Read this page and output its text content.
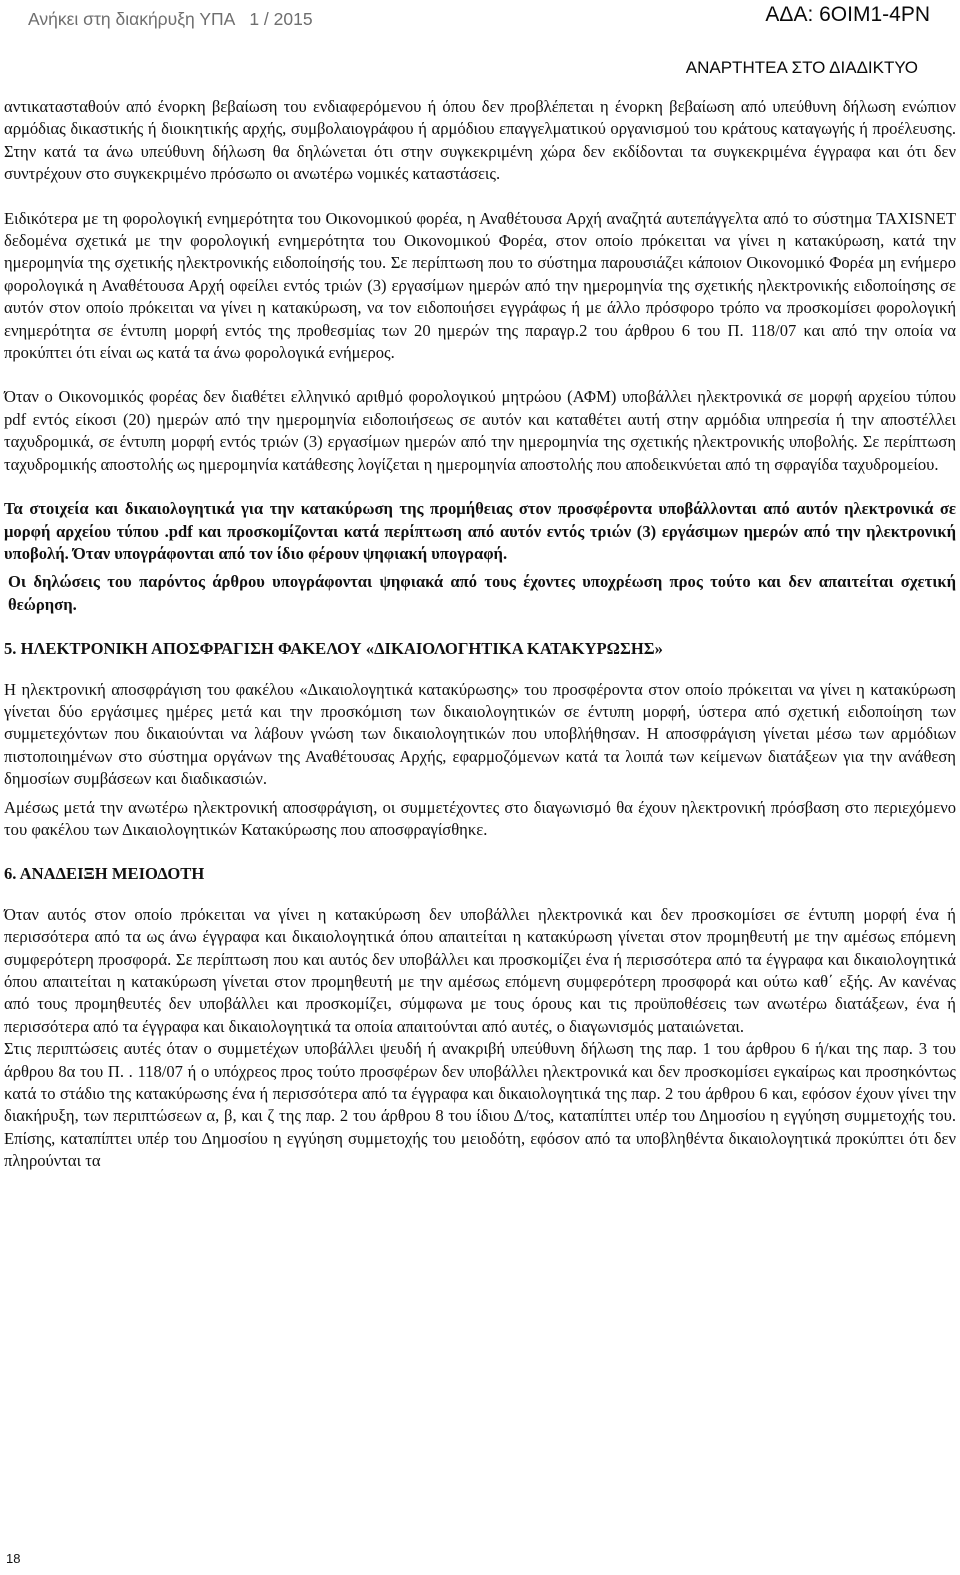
Ανήκει στη διακήρυξη ΥΠΑ 1 / 2015	ΑΔΑ: 6ΟΙΜ1-4ΡΝ
ΑΝΑΡΤΗΤΕΑ ΣΤΟ ΔΙΑΔΙΚΤΥΟ

αντικατασταθούν από ένορκη βεβαίωση του ενδιαφερόμενου ή όπου δεν προβλέπεται η ένορκη βεβαίωση από υπεύθυνη δήλωση ενώπιον αρμόδιας δικαστικής ή διοικητικής αρχής, συμβολαιογράφου ή αρμόδιου επαγγελματικού οργανισμού του κράτους καταγωγής ή προέλευσης. Στην κατά τα άνω υπεύθυνη δήλωση θα δηλώνεται ότι στην συγκεκριμένη χώρα δεν εκδίδονται τα συγκεκριμένα έγγραφα και ότι δεν συντρέχουν στο συγκεκριμένο πρόσωπο οι ανωτέρω νομικές καταστάσεις.

Ειδικότερα με τη φορολογική ενημερότητα του Οικονομικού φορέα, η Αναθέτουσα Αρχή αναζητά αυτεπάγγελτα από το σύστημα TAXISNET δεδομένα σχετικά με την φορολογική ενημερότητα του Οικονομικού Φορέα, στον οποίο πρόκειται να γίνει η κατακύρωση, κατά την ημερομηνία της σχετικής ηλεκτρονικής ειδοποίησής του. Σε περίπτωση που το σύστημα παρουσιάζει κάποιον Οικονομικό Φορέα μη ενήμερο φορολογικά η Αναθέτουσα Αρχή οφείλει εντός τριών (3) εργασίμων ημερών από την ημερομηνία της σχετικής ηλεκτρονικής ειδοποίησης σε αυτόν στον οποίο πρόκειται να γίνει η κατακύρωση, να τον ειδοποιήσει εγγράφως ή με άλλο πρόσφορο τρόπο να προσκομίσει φορολογική ενημερότητα σε έντυπη μορφή εντός της προθεσμίας των 20 ημερών της παραγρ.2 του άρθρου 6 του Π. 118/07 και από την οποία να προκύπτει ότι είναι ως κατά τα άνω φορολογικά ενήμερος.

Όταν ο Οικονομικός φορέας δεν διαθέτει ελληνικό αριθμό φορολογικού μητρώου (ΑΦΜ) υποβάλλει ηλεκτρονικά σε μορφή αρχείου τύπου pdf εντός είκοσι (20) ημερών από την ημερομηνία ειδοποιήσεως σε αυτόν και καταθέτει αυτή στην αρμόδια υπηρεσία ή την αποστέλλει ταχυδρομικά, σε έντυπη μορφή εντός τριών (3) εργασίμων ημερών από την ημερομηνία της σχετικής ηλεκτρονικής υποβολής. Σε περίπτωση ταχυδρομικής αποστολής ως ημερομηνία κατάθεσης λογίζεται η ημερομηνία αποστολής που αποδεικνύεται από τη σφραγίδα ταχυδρομείου.

Τα στοιχεία και δικαιολογητικά για την κατακύρωση της προμήθειας στον προσφέροντα υποβάλλονται από αυτόν ηλεκτρονικά σε μορφή αρχείου τύπου .pdf και προσκομίζονται κατά περίπτωση από αυτόν εντός τριών (3) εργάσιμων ημερών από την ηλεκτρονική υποβολή. Όταν υπογράφονται από τον ίδιο φέρουν ψηφιακή υπογραφή.

Οι δηλώσεις του παρόντος άρθρου υπογράφονται ψηφιακά από τους έχοντες υποχρέωση προς τούτο και δεν απαιτείται σχετική θεώρηση.

5. ΗΛΕΚΤΡΟΝΙΚΗ ΑΠΟΣΦΡΑΓΙΣΗ ΦΑΚΕΛΟΥ «ΔΙΚΑΙΟΛΟΓΗΤΙΚΑ ΚΑΤΑΚΥΡΩΣΗΣ»

Η ηλεκτρονική αποσφράγιση του φακέλου «Δικαιολογητικά κατακύρωσης» του προσφέροντα στον οποίο πρόκειται να γίνει η κατακύρωση γίνεται δύο εργάσιμες ημέρες μετά και την προσκόμιση των δικαιολογητικών σε έντυπη μορφή, ύστερα από σχετική ειδοποίηση των συμμετεχόντων που δικαιούνται να λάβουν γνώση των δικαιολογητικών που υποβλήθησαν. Η αποσφράγιση γίνεται μέσω των αρμόδιων πιστοποιημένων στο σύστημα οργάνων της Αναθέτουσας Αρχής, εφαρμοζόμενων κατά τα λοιπά των κείμενων διατάξεων για την ανάθεση δημοσίων συμβάσεων και διαδικασιών.

Αμέσως μετά την ανωτέρω ηλεκτρονική αποσφράγιση, οι συμμετέχοντες στο διαγωνισμό θα έχουν ηλεκτρονική πρόσβαση στο περιεχόμενο του φακέλου των Δικαιολογητικών Κατακύρωσης που αποσφραγίσθηκε.

6. ΑΝΑΔΕΙΞΗ ΜΕΙΟΔΟΤΗ

Όταν αυτός στον οποίο πρόκειται να γίνει η κατακύρωση δεν υποβάλλει ηλεκτρονικά και δεν προσκομίσει σε έντυπη μορφή ένα ή περισσότερα από τα ως άνω έγγραφα και δικαιολογητικά όπου απαιτείται η κατακύρωση γίνεται στον προμηθευτή με την αμέσως επόμενη συμφερότερη προσφορά. Σε περίπτωση που και αυτός δεν υποβάλλει και προσκομίζει ένα ή περισσότερα από τα έγγραφα και δικαιολογητικά όπου απαιτείται η κατακύρωση γίνεται στον προμηθευτή με την αμέσως επόμενη συμφερότερη προσφορά και ούτω καθ΄ εξής. Αν κανένας από τους προμηθευτές δεν υποβάλλει και προσκομίζει, σύμφωνα με τους όρους και τις προϋποθέσεις των ανωτέρω διατάξεων, ένα ή περισσότερα από τα έγγραφα και δικαιολογητικά τα οποία απαιτούνται από αυτές, ο διαγωνισμός ματαιώνεται.

Στις περιπτώσεις αυτές όταν ο συμμετέχων υποβάλλει ψευδή ή ανακριβή υπεύθυνη δήλωση της παρ. 1 του άρθρου 6 ή/και της παρ. 3 του άρθρου 8α του Π. . 118/07 ή ο υπόχρεος προς τούτο προσφέρων δεν υποβάλλει ηλεκτρονικά και δεν προσκομίσει εγκαίρως και προσηκόντως κατά το στάδιο της κατακύρωσης ένα ή περισσότερα από τα έγγραφα και δικαιολογητικά της παρ. 2 του άρθρου 6 και, εφόσον έχουν γίνει την διακήρυξη, των περιπτώσεων α, β, και ζ της παρ. 2 του άρθρου 8 του ίδιου Δ/τος, καταπίπτει υπέρ του Δημοσίου η εγγύηση συμμετοχής του. Επίσης, καταπίπτει υπέρ του Δημοσίου η εγγύηση συμμετοχής του μειοδότη, εφόσον από τα υποβληθέντα δικαιολογητικά προκύπτει ότι δεν πληρούνται τα

18
